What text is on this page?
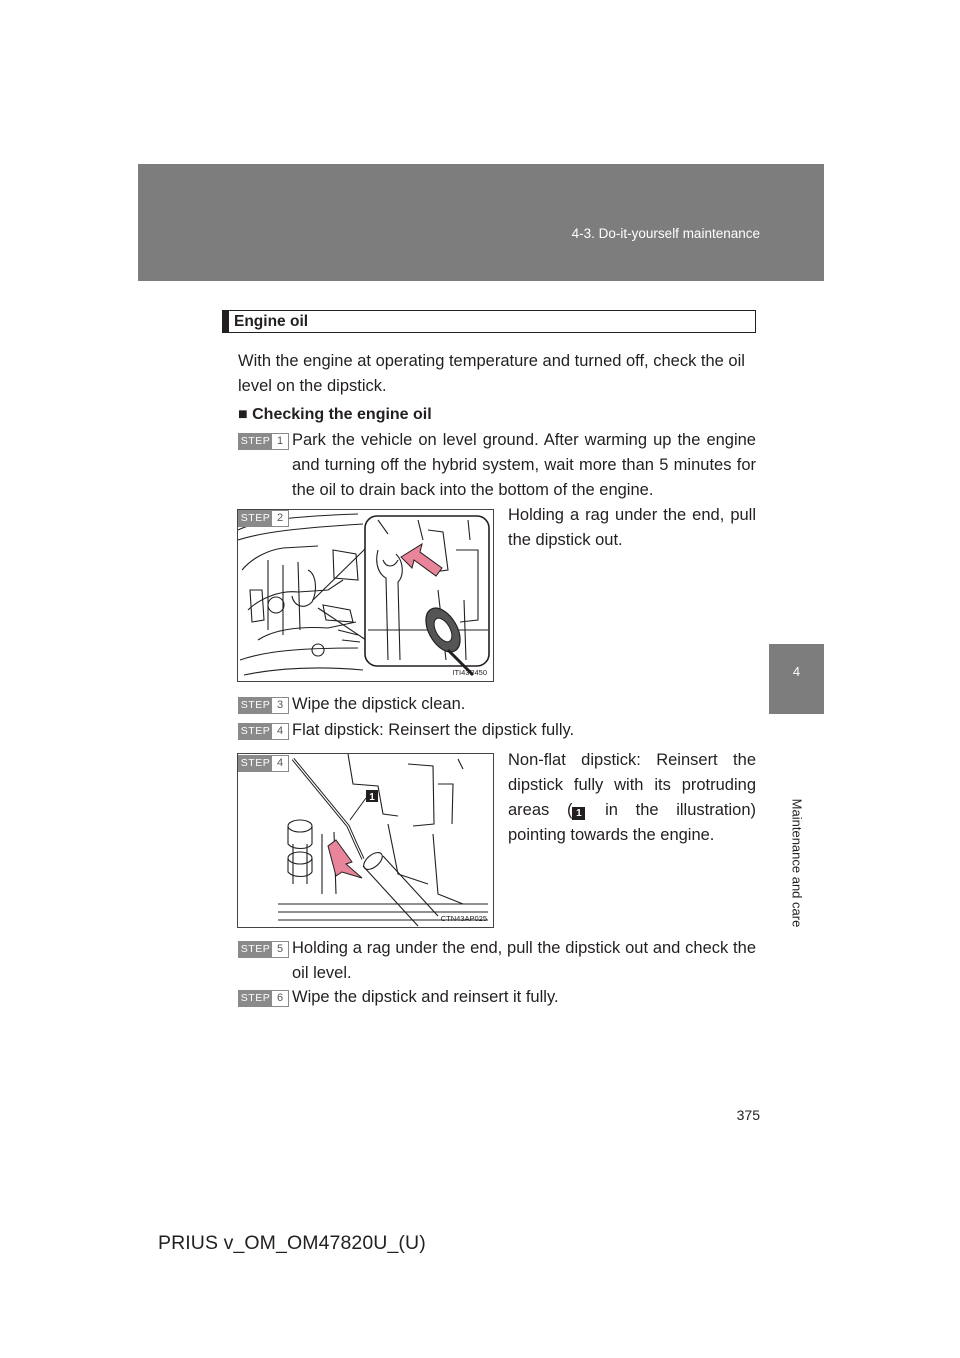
4-3. Do-it-yourself maintenance
4
Maintenance and care
Engine oil
With the engine at operating temperature and turned off, check the oil level on the dipstick.
■ Checking the engine oil
STEP 1 Park the vehicle on level ground. After warming up the engine and turning off the hybrid system, wait more than 5 minutes for the oil to drain back into the bottom of the engine.
ITI43P450
STEP 2	Holding a rag under the end, pull the dipstick out.
STEP 3 Wipe the dipstick clean.
STEP 4 Flat dipstick: Reinsert the dipstick fully.
1
CTN43AP025
STEP 4	Non-flat dipstick: Reinsert the dipstick fully with its protruding areas ( 1 in the illustration) pointing towards the engine.
STEP 5 Holding a rag under the end, pull the dipstick out and check the oil level.
STEP 6 Wipe the dipstick and reinsert it fully.
375
PRIUS v_OM_OM47820U_(U)
